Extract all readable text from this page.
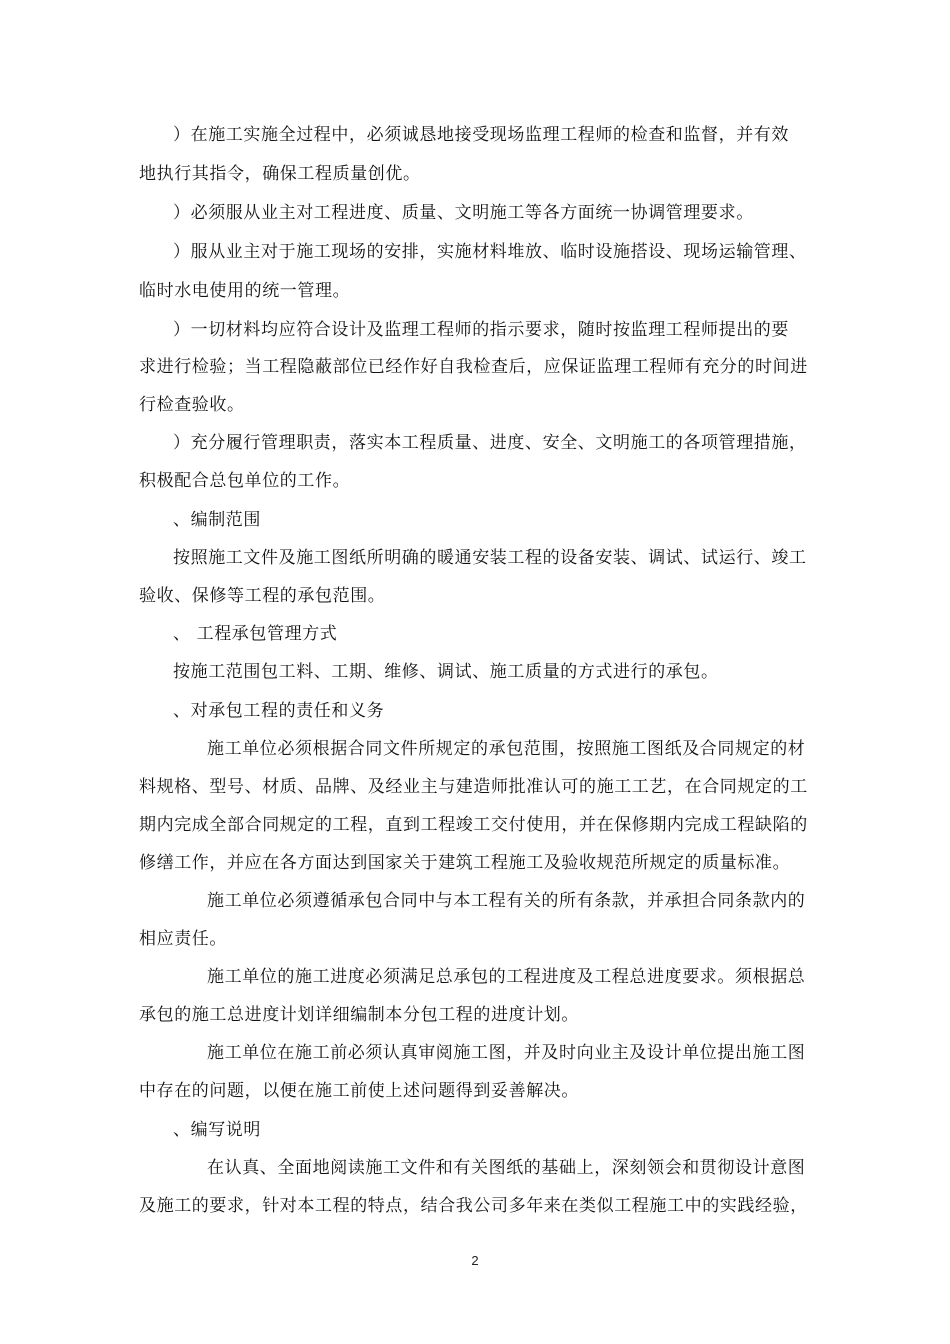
）在施工实施全过程中，必须诚恳地接受现场监理工程师的检查和监督，并有效
地执行其指令，确保工程质量创优。
）必须服从业主对工程进度、质量、文明施工等各方面统一协调管理要求。
）服从业主对于施工现场的安排，实施材料堆放、临时设施搭设、现场运输管理、
临时水电使用的统一管理。
）一切材料均应符合设计及监理工程师的指示要求，随时按监理工程师提出的要
求进行检验；当工程隐蔽部位已经作好自我检查后，应保证监理工程师有充分的时间进
行检查验收。
）充分履行管理职责，落实本工程质量、进度、安全、文明施工的各项管理措施，
积极配合总包单位的工作。
、编制范围
按照施工文件及施工图纸所明确的暖通安装工程的设备安装、调试、试运行、竣工
验收、保修等工程的承包范围。
、 工程承包管理方式
按施工范围包工料、工期、维修、调试、施工质量的方式进行的承包。
、对承包工程的责任和义务
施工单位必须根据合同文件所规定的承包范围，按照施工图纸及合同规定的材
料规格、型号、材质、品牌、及经业主与建造师批准认可的施工工艺，在合同规定的工
期内完成全部合同规定的工程，直到工程竣工交付使用，并在保修期内完成工程缺陷的
修缮工作，并应在各方面达到国家关于建筑工程施工及验收规范所规定的质量标准。
施工单位必须遵循承包合同中与本工程有关的所有条款，并承担合同条款内的
相应责任。
施工单位的施工进度必须满足总承包的工程进度及工程总进度要求。须根据总
承包的施工总进度计划详细编制本分包工程的进度计划。
施工单位在施工前必须认真审阅施工图，并及时向业主及设计单位提出施工图
中存在的问题，以便在施工前使上述问题得到妥善解决。
、编写说明
在认真、全面地阅读施工文件和有关图纸的基础上，深刻领会和贯彻设计意图
及施工的要求，针对本工程的特点，结合我公司多年来在类似工程施工中的实践经验，
2
